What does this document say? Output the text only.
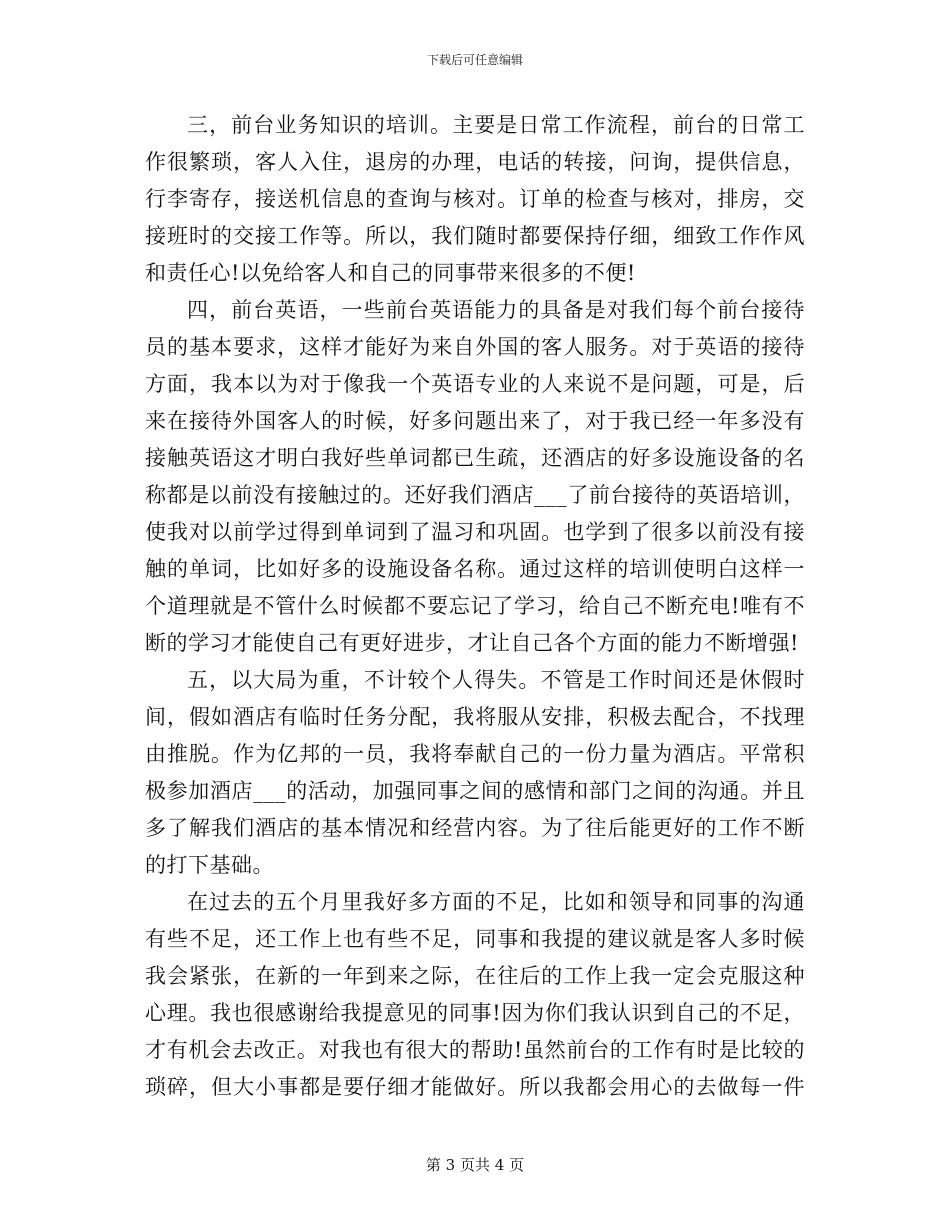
下载后可任意编辑
三，前台业务知识的培训。主要是日常工作流程，前台的日常工
作很繁琐，客人入住，退房的办理，电话的转接，问询，提供信息，
行李寄存，接送机信息的查询与核对。订单的检查与核对，排房，交
接班时的交接工作等。所以，我们随时都要保持仔细，细致工作作风
和责任心!以免给客人和自己的同事带来很多的不便!
四，前台英语，一些前台英语能力的具备是对我们每个前台接待
员的基本要求，这样才能好为来自外国的客人服务。对于英语的接待
方面，我本以为对于像我一个英语专业的人来说不是问题，可是，后
来在接待外国客人的时候，好多问题出来了，对于我已经一年多没有
接触英语这才明白我好些单词都已生疏，还酒店的好多设施设备的名
称都是以前没有接触过的。还好我们酒店___了前台接待的英语培训，
使我对以前学过得到单词到了温习和巩固。也学到了很多以前没有接
触的单词，比如好多的设施设备名称。通过这样的培训使明白这样一
个道理就是不管什么时候都不要忘记了学习，给自己不断充电!唯有不
断的学习才能使自己有更好进步，才让自己各个方面的能力不断增强!
五，以大局为重，不计较个人得失。不管是工作时间还是休假时
间，假如酒店有临时任务分配，我将服从安排，积极去配合，不找理
由推脱。作为亿邦的一员，我将奉献自己的一份力量为酒店。平常积
极参加酒店___的活动，加强同事之间的感情和部门之间的沟通。并且
多了解我们酒店的基本情况和经营内容。为了往后能更好的工作不断
的打下基础。
在过去的五个月里我好多方面的不足，比如和领导和同事的沟通
有些不足，还工作上也有些不足，同事和我提的建议就是客人多时候
我会紧张，在新的一年到来之际，在往后的工作上我一定会克服这种
心理。我也很感谢给我提意见的同事!因为你们我认识到自己的不足，
才有机会去改正。对我也有很大的帮助!虽然前台的工作有时是比较的
琐碎，但大小事都是要仔细才能做好。所以我都会用心的去做每一件
第 3 页共 4 页
